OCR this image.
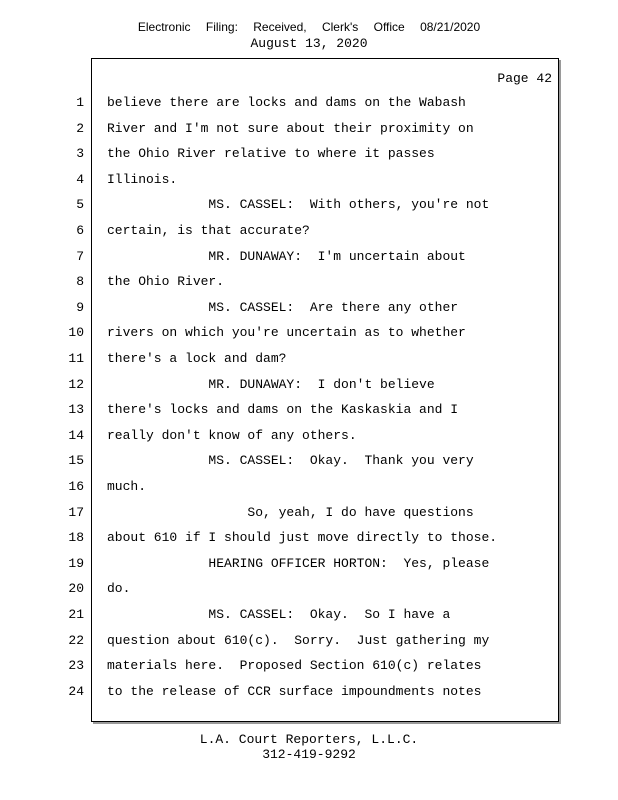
Electronic Filing: Received, Clerk's Office 08/21/2020
August 13, 2020
Page 42
1 believe there are locks and dams on the Wabash
2 River and I'm not sure about their proximity on
3 the Ohio River relative to where it passes
4 Illinois.
5 MS. CASSEL:  With others, you're not
6 certain, is that accurate?
7 MR. DUNAWAY:  I'm uncertain about
8 the Ohio River.
9 MS. CASSEL:  Are there any other
10 rivers on which you're uncertain as to whether
11 there's a lock and dam?
12 MR. DUNAWAY:  I don't believe
13 there's locks and dams on the Kaskaskia and I
14 really don't know of any others.
15 MS. CASSEL:  Okay.  Thank you very
16 much.
17 So, yeah, I do have questions
18 about 610 if I should just move directly to those.
19 HEARING OFFICER HORTON:  Yes, please
20 do.
21 MS. CASSEL:  Okay.  So I have a
22 question about 610(c).  Sorry.  Just gathering my
23 materials here.  Proposed Section 610(c) relates
24 to the release of CCR surface impoundments notes
L.A. Court Reporters, L.L.C.
312-419-9292
